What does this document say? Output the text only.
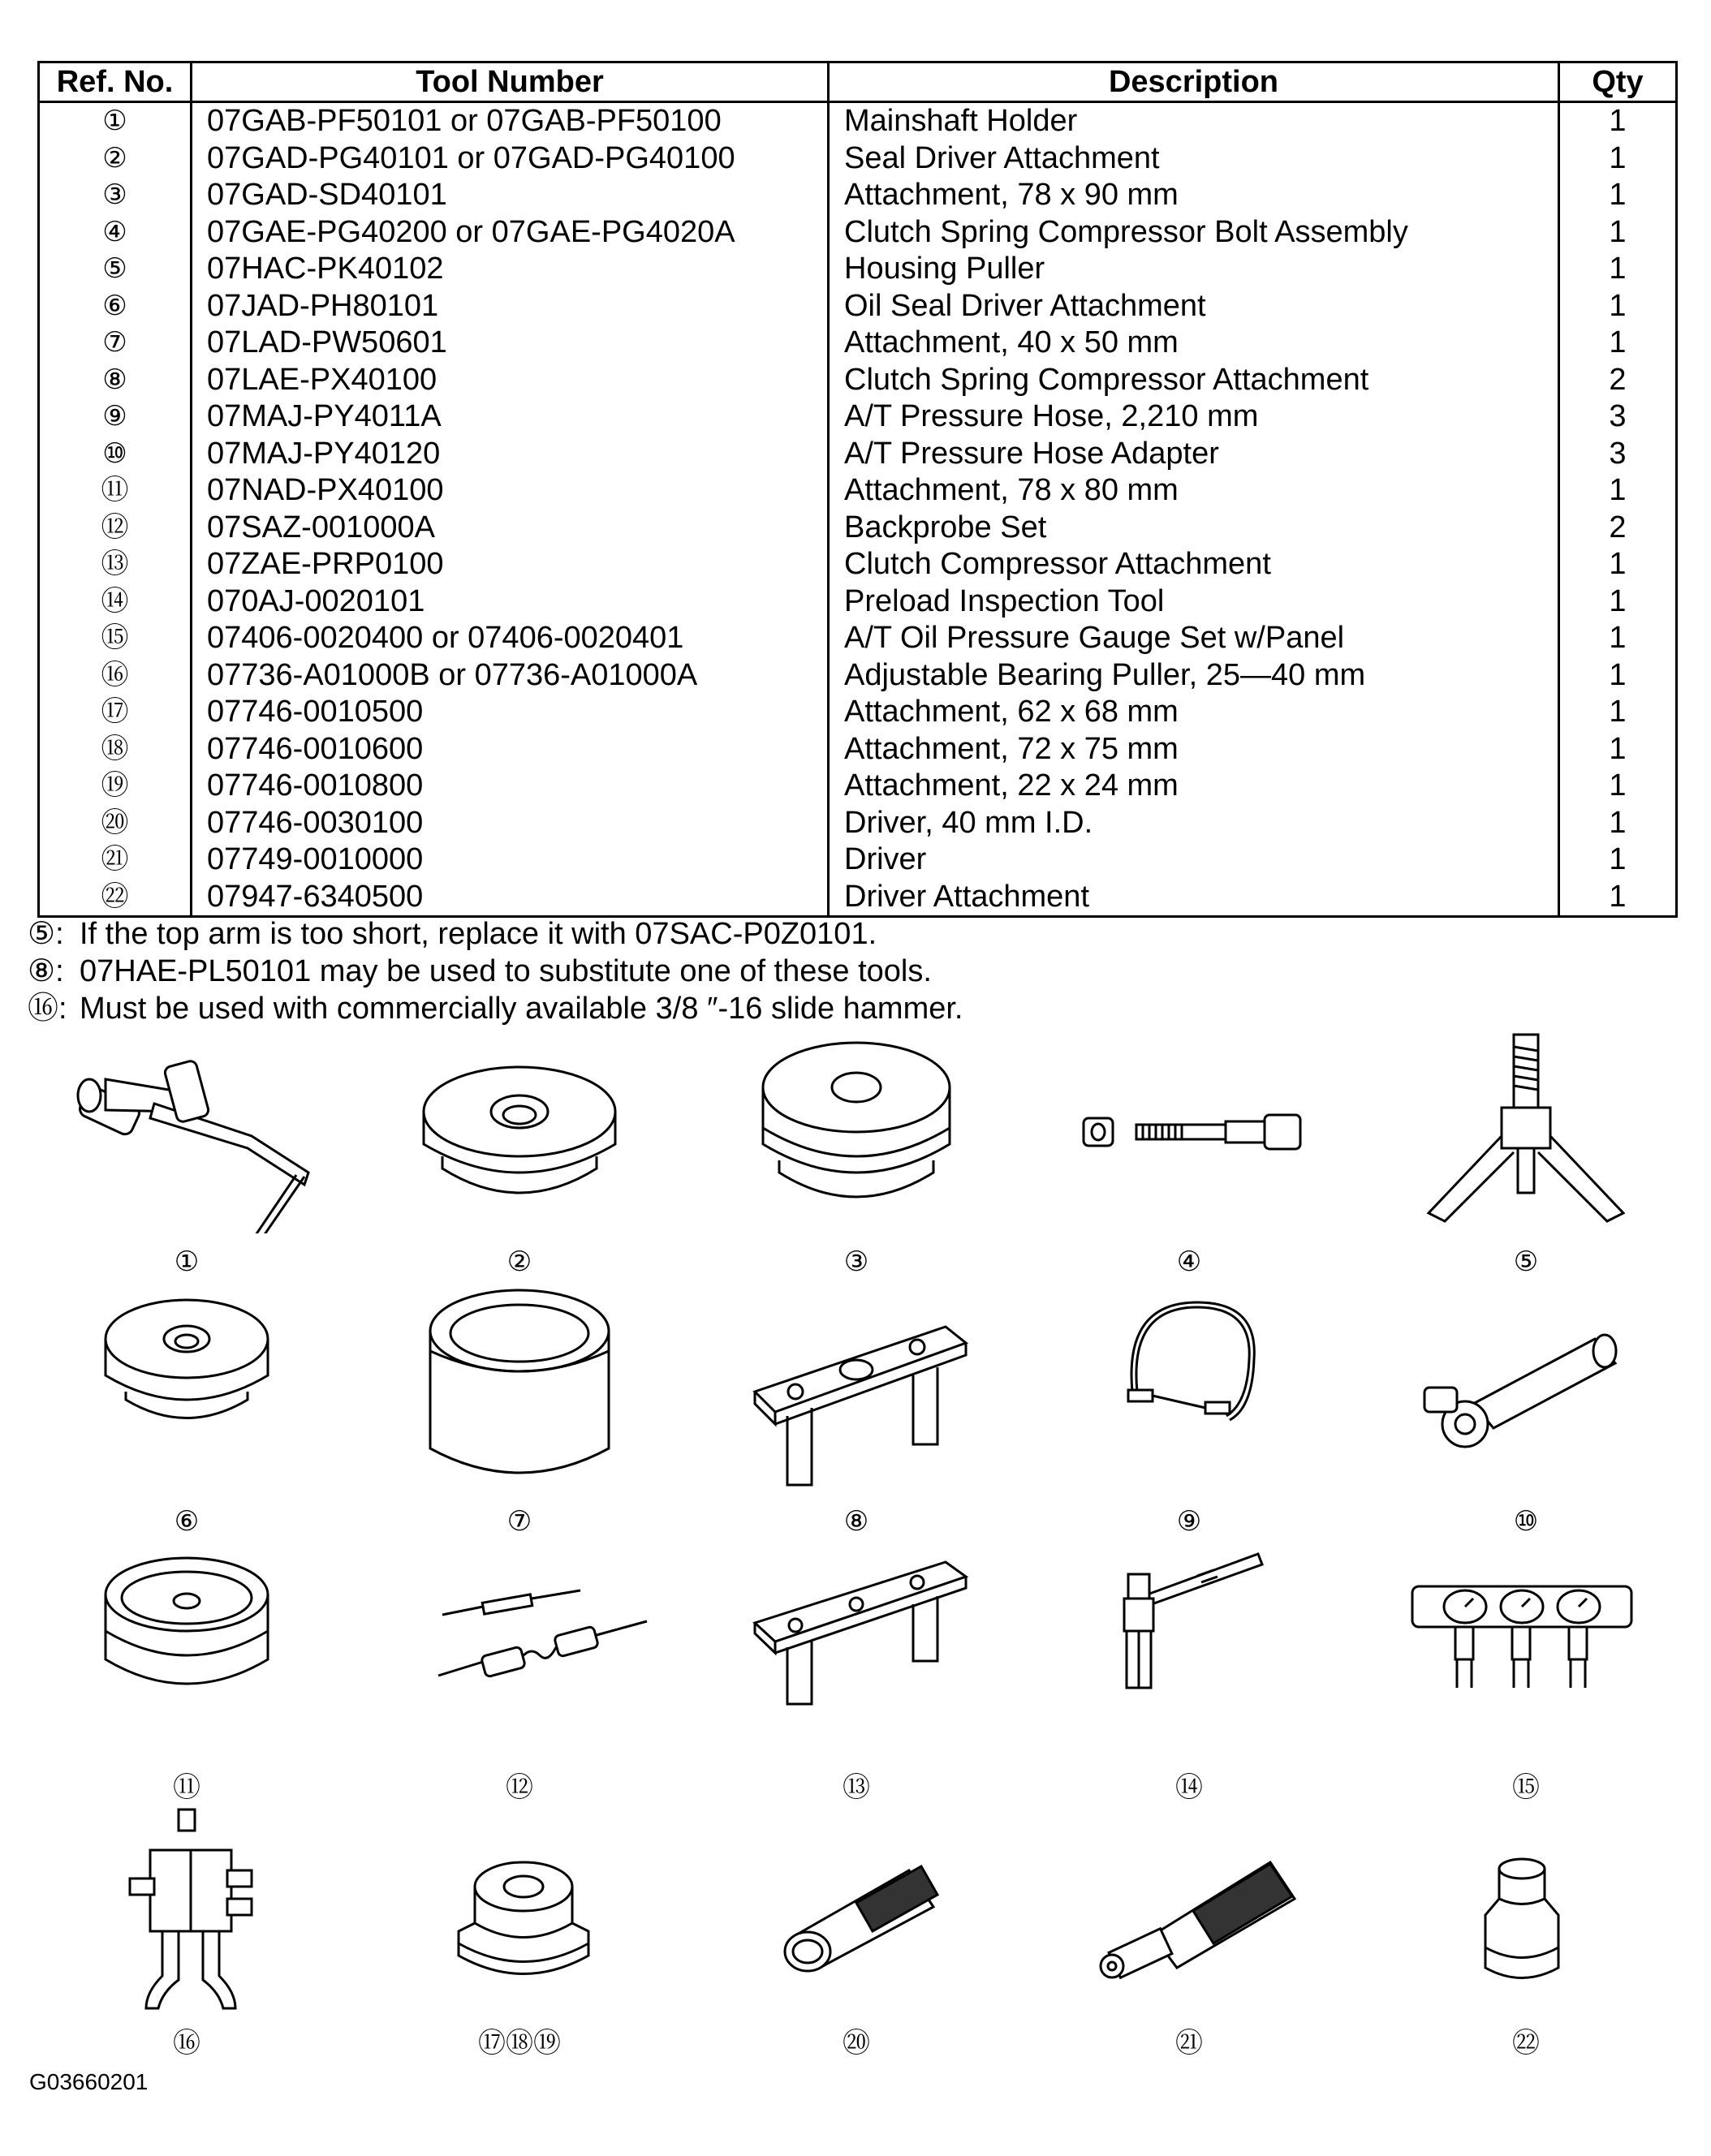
Ref. No.	Tool Number	Description	Qty
①	07GAB-PF50101 or 07GAB-PF50100	Mainshaft Holder	1
②	07GAD-PG40101 or 07GAD-PG40100	Seal Driver Attachment	1
③	07GAD-SD40101	Attachment, 78 x 90 mm	1
④	07GAE-PG40200 or 07GAE-PG4020A	Clutch Spring Compressor Bolt Assembly	1
⑤	07HAC-PK40102	Housing Puller	1
⑥	07JAD-PH80101	Oil Seal Driver Attachment	1
⑦	07LAD-PW50601	Attachment, 40 x 50 mm	1
⑧	07LAE-PX40100	Clutch Spring Compressor Attachment	2
⑨	07MAJ-PY4011A	A/T Pressure Hose, 2,210 mm	3
⑩	07MAJ-PY40120	A/T Pressure Hose Adapter	3
⑪	07NAD-PX40100	Attachment, 78 x 80 mm	1
⑫	07SAZ-001000A	Backprobe Set	2
⑬	07ZAE-PRP0100	Clutch Compressor Attachment	1
⑭	070AJ-0020101	Preload Inspection Tool	1
⑮	07406-0020400 or 07406-0020401	A/T Oil Pressure Gauge Set w/Panel	1
⑯	07736-A01000B or 07736-A01000A	Adjustable Bearing Puller, 25—40 mm	1
⑰	07746-0010500	Attachment, 62 x 68 mm	1
⑱	07746-0010600	Attachment, 72 x 75 mm	1
⑲	07746-0010800	Attachment, 22 x 24 mm	1
⑳	07746-0030100	Driver, 40 mm I.D.	1
㉑	07749-0010000	Driver	1
㉒	07947-6340500	Driver Attachment	1
⑤: If the top arm is too short, replace it with 07SAC-P0Z0101.
⑧: 07HAE-PL50101 may be used to substitute one of these tools.
⑯: Must be used with commercially available 3/8 ″-16 slide hammer.
①	②	③	④	⑤
⑥	⑦	⑧	⑨	⑩
⑪	⑫	⑬	⑭	⑮
⑯	⑰⑱⑲	⑳	㉑	㉒
G03660201
